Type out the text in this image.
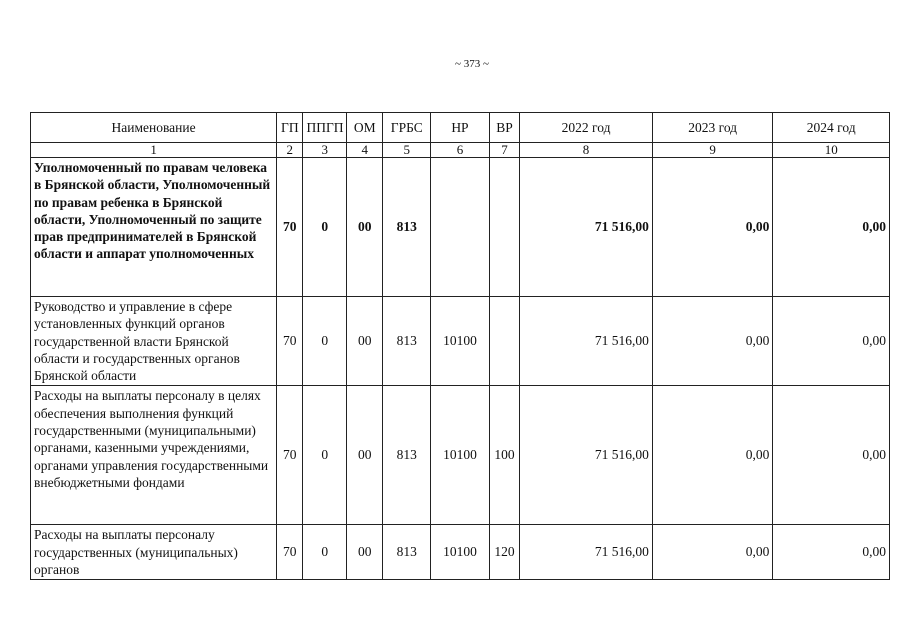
~ 373 ~
Наименование	ГП	ППГП	ОМ	ГРБС	НР	ВР	2022 год	2023 год	2024 год
1	2	3	4	5	6	7	8	9	10
Уполномоченный по правам человека в Брянской области, Уполномоченный по правам ребенка в Брянской области, Уполномоченный по защите прав предпринимателей в Брянской области и аппарат уполномоченных	70	0	00	813			71 516,00	0,00	0,00
Руководство и управление в сфере установленных функций органов государственной власти Брянской области и государственных органов Брянской области	70	0	00	813	10100		71 516,00	0,00	0,00
Расходы на выплаты персоналу в целях обеспечения выполнения функций государственными (муниципальными) органами, казенными учреждениями, органами управления государственными внебюджетными фондами	70	0	00	813	10100	100	71 516,00	0,00	0,00
Расходы на выплаты персоналу государственных (муниципальных) органов	70	0	00	813	10100	120	71 516,00	0,00	0,00
